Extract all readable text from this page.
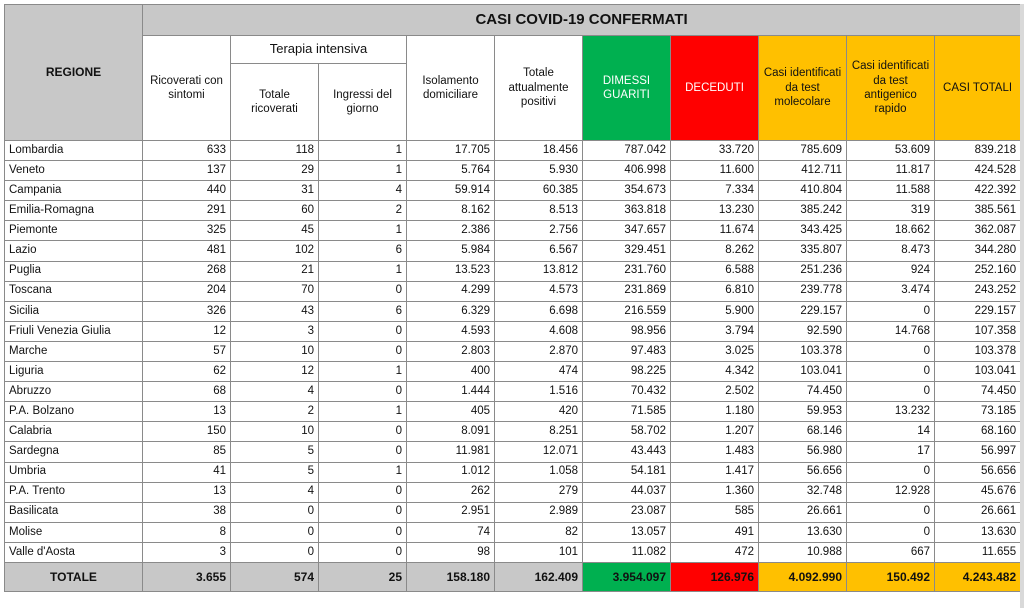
REGIONE	CASI COVID-19 CONFERMATI									
	Ricoverati con sintomi	Terapia intensiva		Isolamento domiciliare	Totale attualmente positivi	DIMESSI GUARITI	DECEDUTI	Casi identificati da test molecolare	Casi identificati da test antigenico rapido	CASI TOTALI
		Totale ricoverati	Ingressi del giorno							
Lombardia	633	118	1	17.705	18.456	787.042	33.720	785.609	53.609	839.218
Veneto	137	29	1	5.764	5.930	406.998	11.600	412.711	11.817	424.528
Campania	440	31	4	59.914	60.385	354.673	7.334	410.804	11.588	422.392
Emilia-Romagna	291	60	2	8.162	8.513	363.818	13.230	385.242	319	385.561
Piemonte	325	45	1	2.386	2.756	347.657	11.674	343.425	18.662	362.087
Lazio	481	102	6	5.984	6.567	329.451	8.262	335.807	8.473	344.280
Puglia	268	21	1	13.523	13.812	231.760	6.588	251.236	924	252.160
Toscana	204	70	0	4.299	4.573	231.869	6.810	239.778	3.474	243.252
Sicilia	326	43	6	6.329	6.698	216.559	5.900	229.157	0	229.157
Friuli Venezia Giulia	12	3	0	4.593	4.608	98.956	3.794	92.590	14.768	107.358
Marche	57	10	0	2.803	2.870	97.483	3.025	103.378	0	103.378
Liguria	62	12	1	400	474	98.225	4.342	103.041	0	103.041
Abruzzo	68	4	0	1.444	1.516	70.432	2.502	74.450	0	74.450
P.A. Bolzano	13	2	1	405	420	71.585	1.180	59.953	13.232	73.185
Calabria	150	10	0	8.091	8.251	58.702	1.207	68.146	14	68.160
Sardegna	85	5	0	11.981	12.071	43.443	1.483	56.980	17	56.997
Umbria	41	5	1	1.012	1.058	54.181	1.417	56.656	0	56.656
P.A. Trento	13	4	0	262	279	44.037	1.360	32.748	12.928	45.676
Basilicata	38	0	0	2.951	2.989	23.087	585	26.661	0	26.661
Molise	8	0	0	74	82	13.057	491	13.630	0	13.630
Valle d'Aosta	3	0	0	98	101	11.082	472	10.988	667	11.655
TOTALE	3.655	574	25	158.180	162.409	3.954.097	126.976	4.092.990	150.492	4.243.482
